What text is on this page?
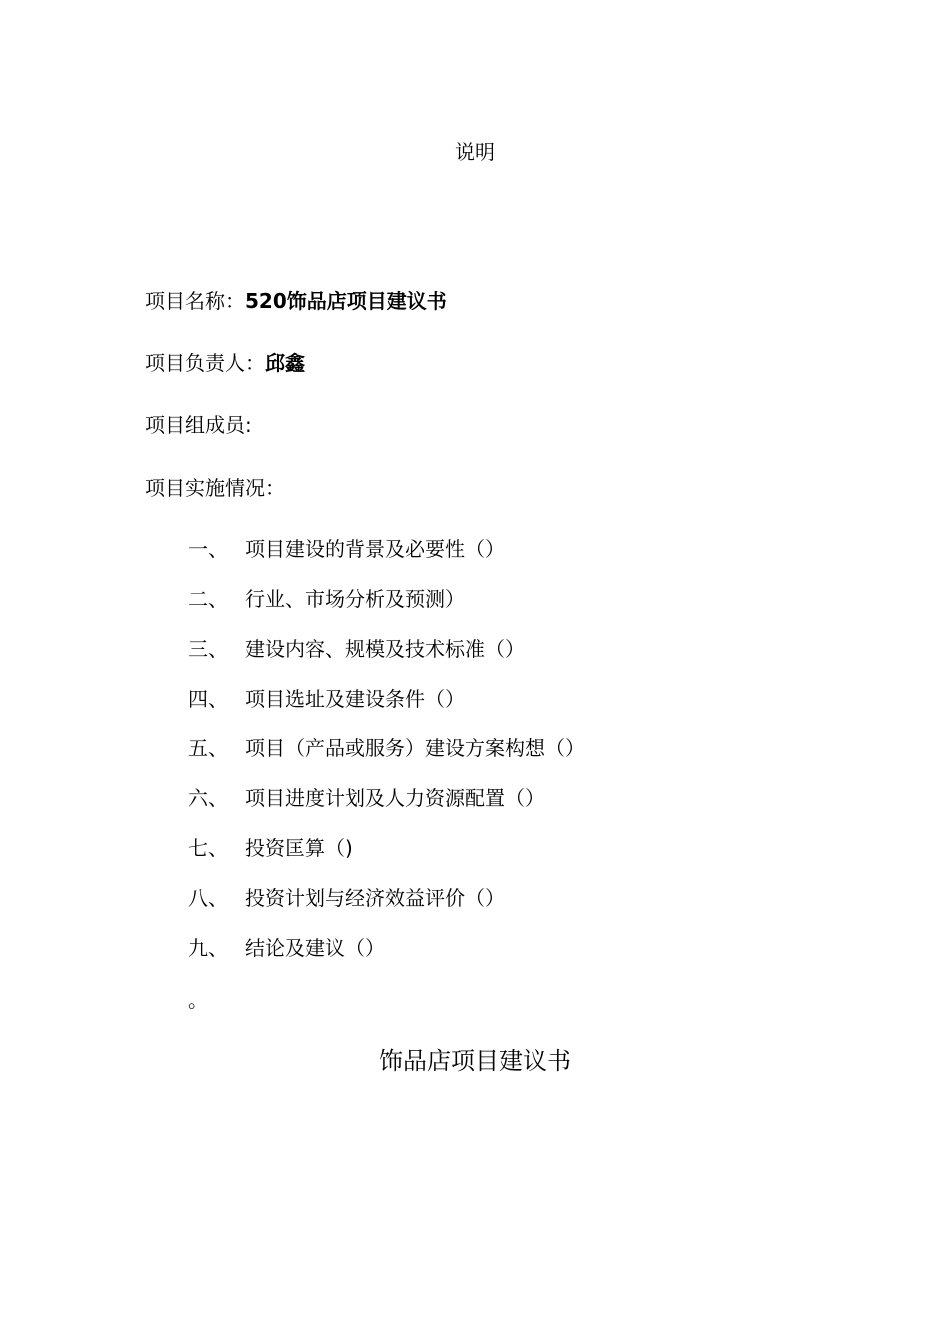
说明
项目名称：520饰品店项目建议书
项目负责人：邱鑫
项目组成员:
项目实施情况：
一、 项目建设的背景及必要性（）
二、 行业、市场分析及预测）
三、 建设内容、规模及技术标准（）
四、 项目选址及建设条件（）
五、 项目（产品或服务）建设方案构想（）
六、 项目进度计划及人力资源配置（）
七、 投资匡算（)
八、 投资计划与经济效益评价（）
九、 结论及建议（）
。
饰品店项目建议书
